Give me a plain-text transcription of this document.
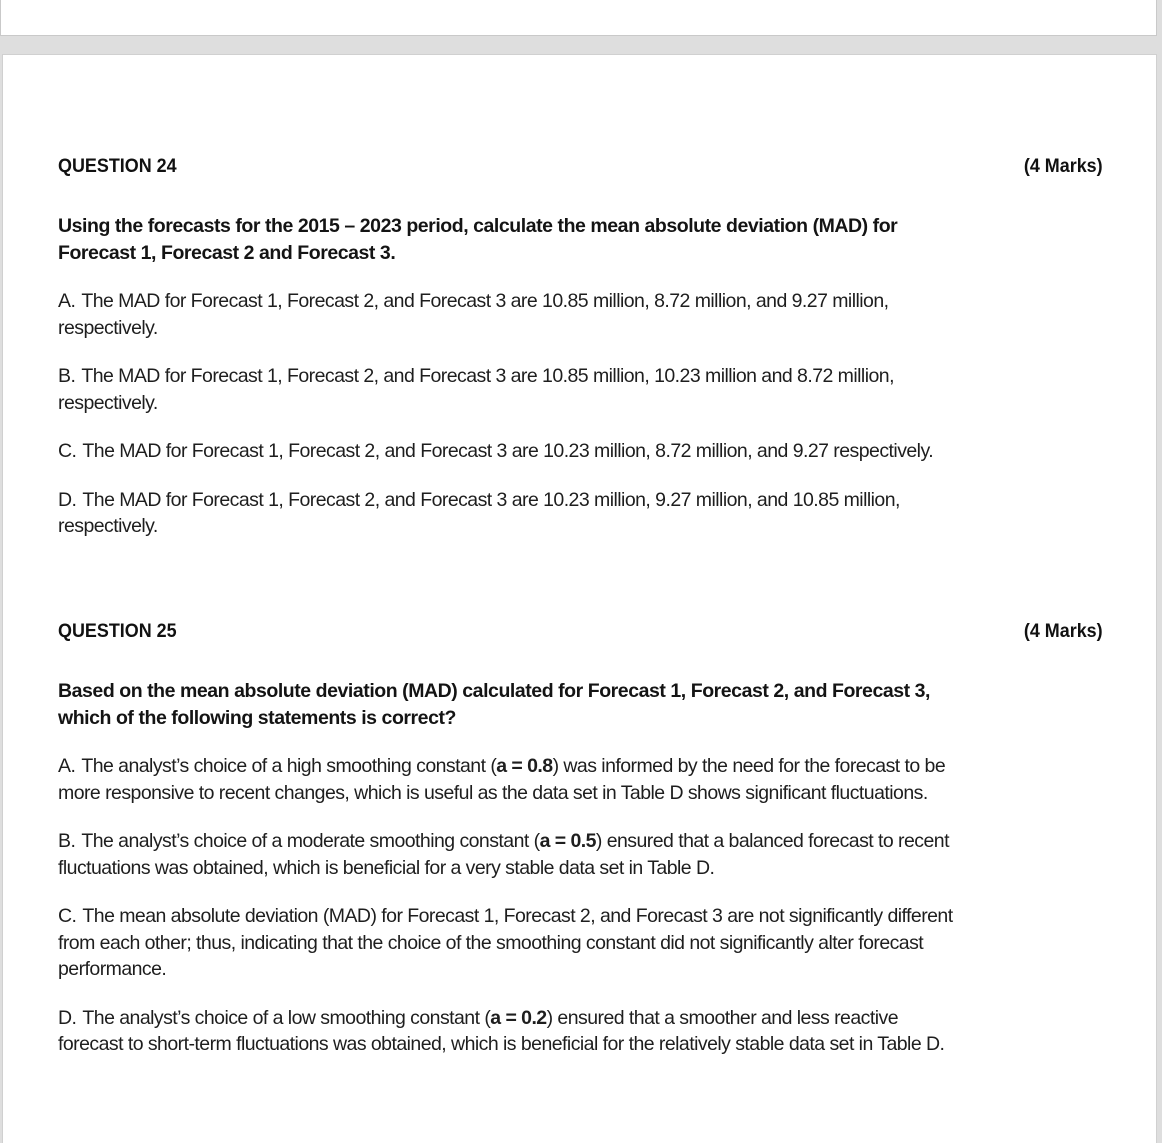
QUESTION 24	(4 Marks)
Using the forecasts for the 2015 – 2023 period, calculate the mean absolute deviation (MAD) for Forecast 1, Forecast 2 and Forecast 3.
A. The MAD for Forecast 1, Forecast 2, and Forecast 3 are 10.85 million, 8.72 million, and 9.27 million, respectively.
B. The MAD for Forecast 1, Forecast 2, and Forecast 3 are 10.85 million, 10.23 million and 8.72 million, respectively.
C. The MAD for Forecast 1, Forecast 2, and Forecast 3 are 10.23 million, 8.72 million, and 9.27 respectively.
D. The MAD for Forecast 1, Forecast 2, and Forecast 3 are 10.23 million, 9.27 million, and 10.85 million, respectively.
QUESTION 25	(4 Marks)
Based on the mean absolute deviation (MAD) calculated for Forecast 1, Forecast 2, and Forecast 3, which of the following statements is correct?
A. The analyst’s choice of a high smoothing constant (a = 0.8) was informed by the need for the forecast to be more responsive to recent changes, which is useful as the data set in Table D shows significant fluctuations.
B. The analyst’s choice of a moderate smoothing constant (a = 0.5) ensured that a balanced forecast to recent fluctuations was obtained, which is beneficial for a very stable data set in Table D.
C. The mean absolute deviation (MAD) for Forecast 1, Forecast 2, and Forecast 3 are not significantly different from each other; thus, indicating that the choice of the smoothing constant did not significantly alter forecast performance.
D. The analyst’s choice of a low smoothing constant (a = 0.2) ensured that a smoother and less reactive forecast to short-term fluctuations was obtained, which is beneficial for the relatively stable data set in Table D.
